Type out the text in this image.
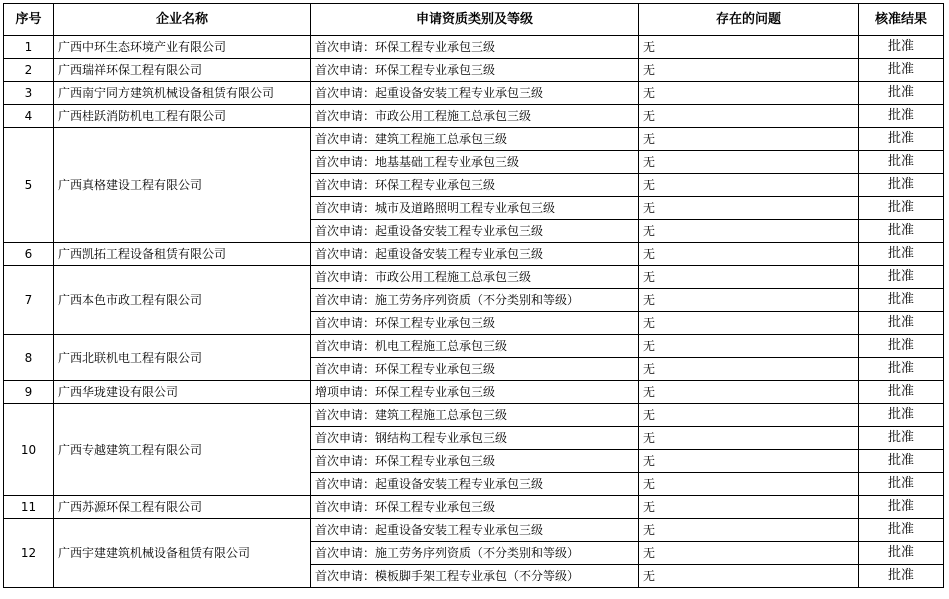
序号	企业名称	申请资质类别及等级	存在的问题	核准结果
1	广西中环生态环境产业有限公司	首次申请：环保工程专业承包三级	无	批准
2	广西瑞祥环保工程有限公司	首次申请：环保工程专业承包三级	无	批准
3	广西南宁同方建筑机械设备租赁有限公司	首次申请：起重设备安装工程专业承包三级	无	批准
4	广西桂跃消防机电工程有限公司	首次申请：市政公用工程施工总承包三级	无	批准
5	广西真格建设工程有限公司	首次申请：建筑工程施工总承包三级	无	批准
		首次申请：地基基础工程专业承包三级	无	批准
		首次申请：环保工程专业承包三级	无	批准
		首次申请：城市及道路照明工程专业承包三级	无	批准
		首次申请：起重设备安装工程专业承包三级	无	批准
6	广西凯拓工程设备租赁有限公司	首次申请：起重设备安装工程专业承包三级	无	批准
7	广西本色市政工程有限公司	首次申请：市政公用工程施工总承包三级	无	批准
		首次申请：施工劳务序列资质（不分类别和等级）	无	批准
		首次申请：环保工程专业承包三级	无	批准
8	广西北联机电工程有限公司	首次申请：机电工程施工总承包三级	无	批准
		首次申请：环保工程专业承包三级	无	批准
9	广西华珑建设有限公司	增项申请：环保工程专业承包三级	无	批准
10	广西专越建筑工程有限公司	首次申请：建筑工程施工总承包三级	无	批准
		首次申请：钢结构工程专业承包三级	无	批准
		首次申请：环保工程专业承包三级	无	批准
		首次申请：起重设备安装工程专业承包三级	无	批准
11	广西苏源环保工程有限公司	首次申请：环保工程专业承包三级	无	批准
12	广西宇建建筑机械设备租赁有限公司	首次申请：起重设备安装工程专业承包三级	无	批准
		首次申请：施工劳务序列资质（不分类别和等级）	无	批准
		首次申请：模板脚手架工程专业承包（不分等级）	无	批准
